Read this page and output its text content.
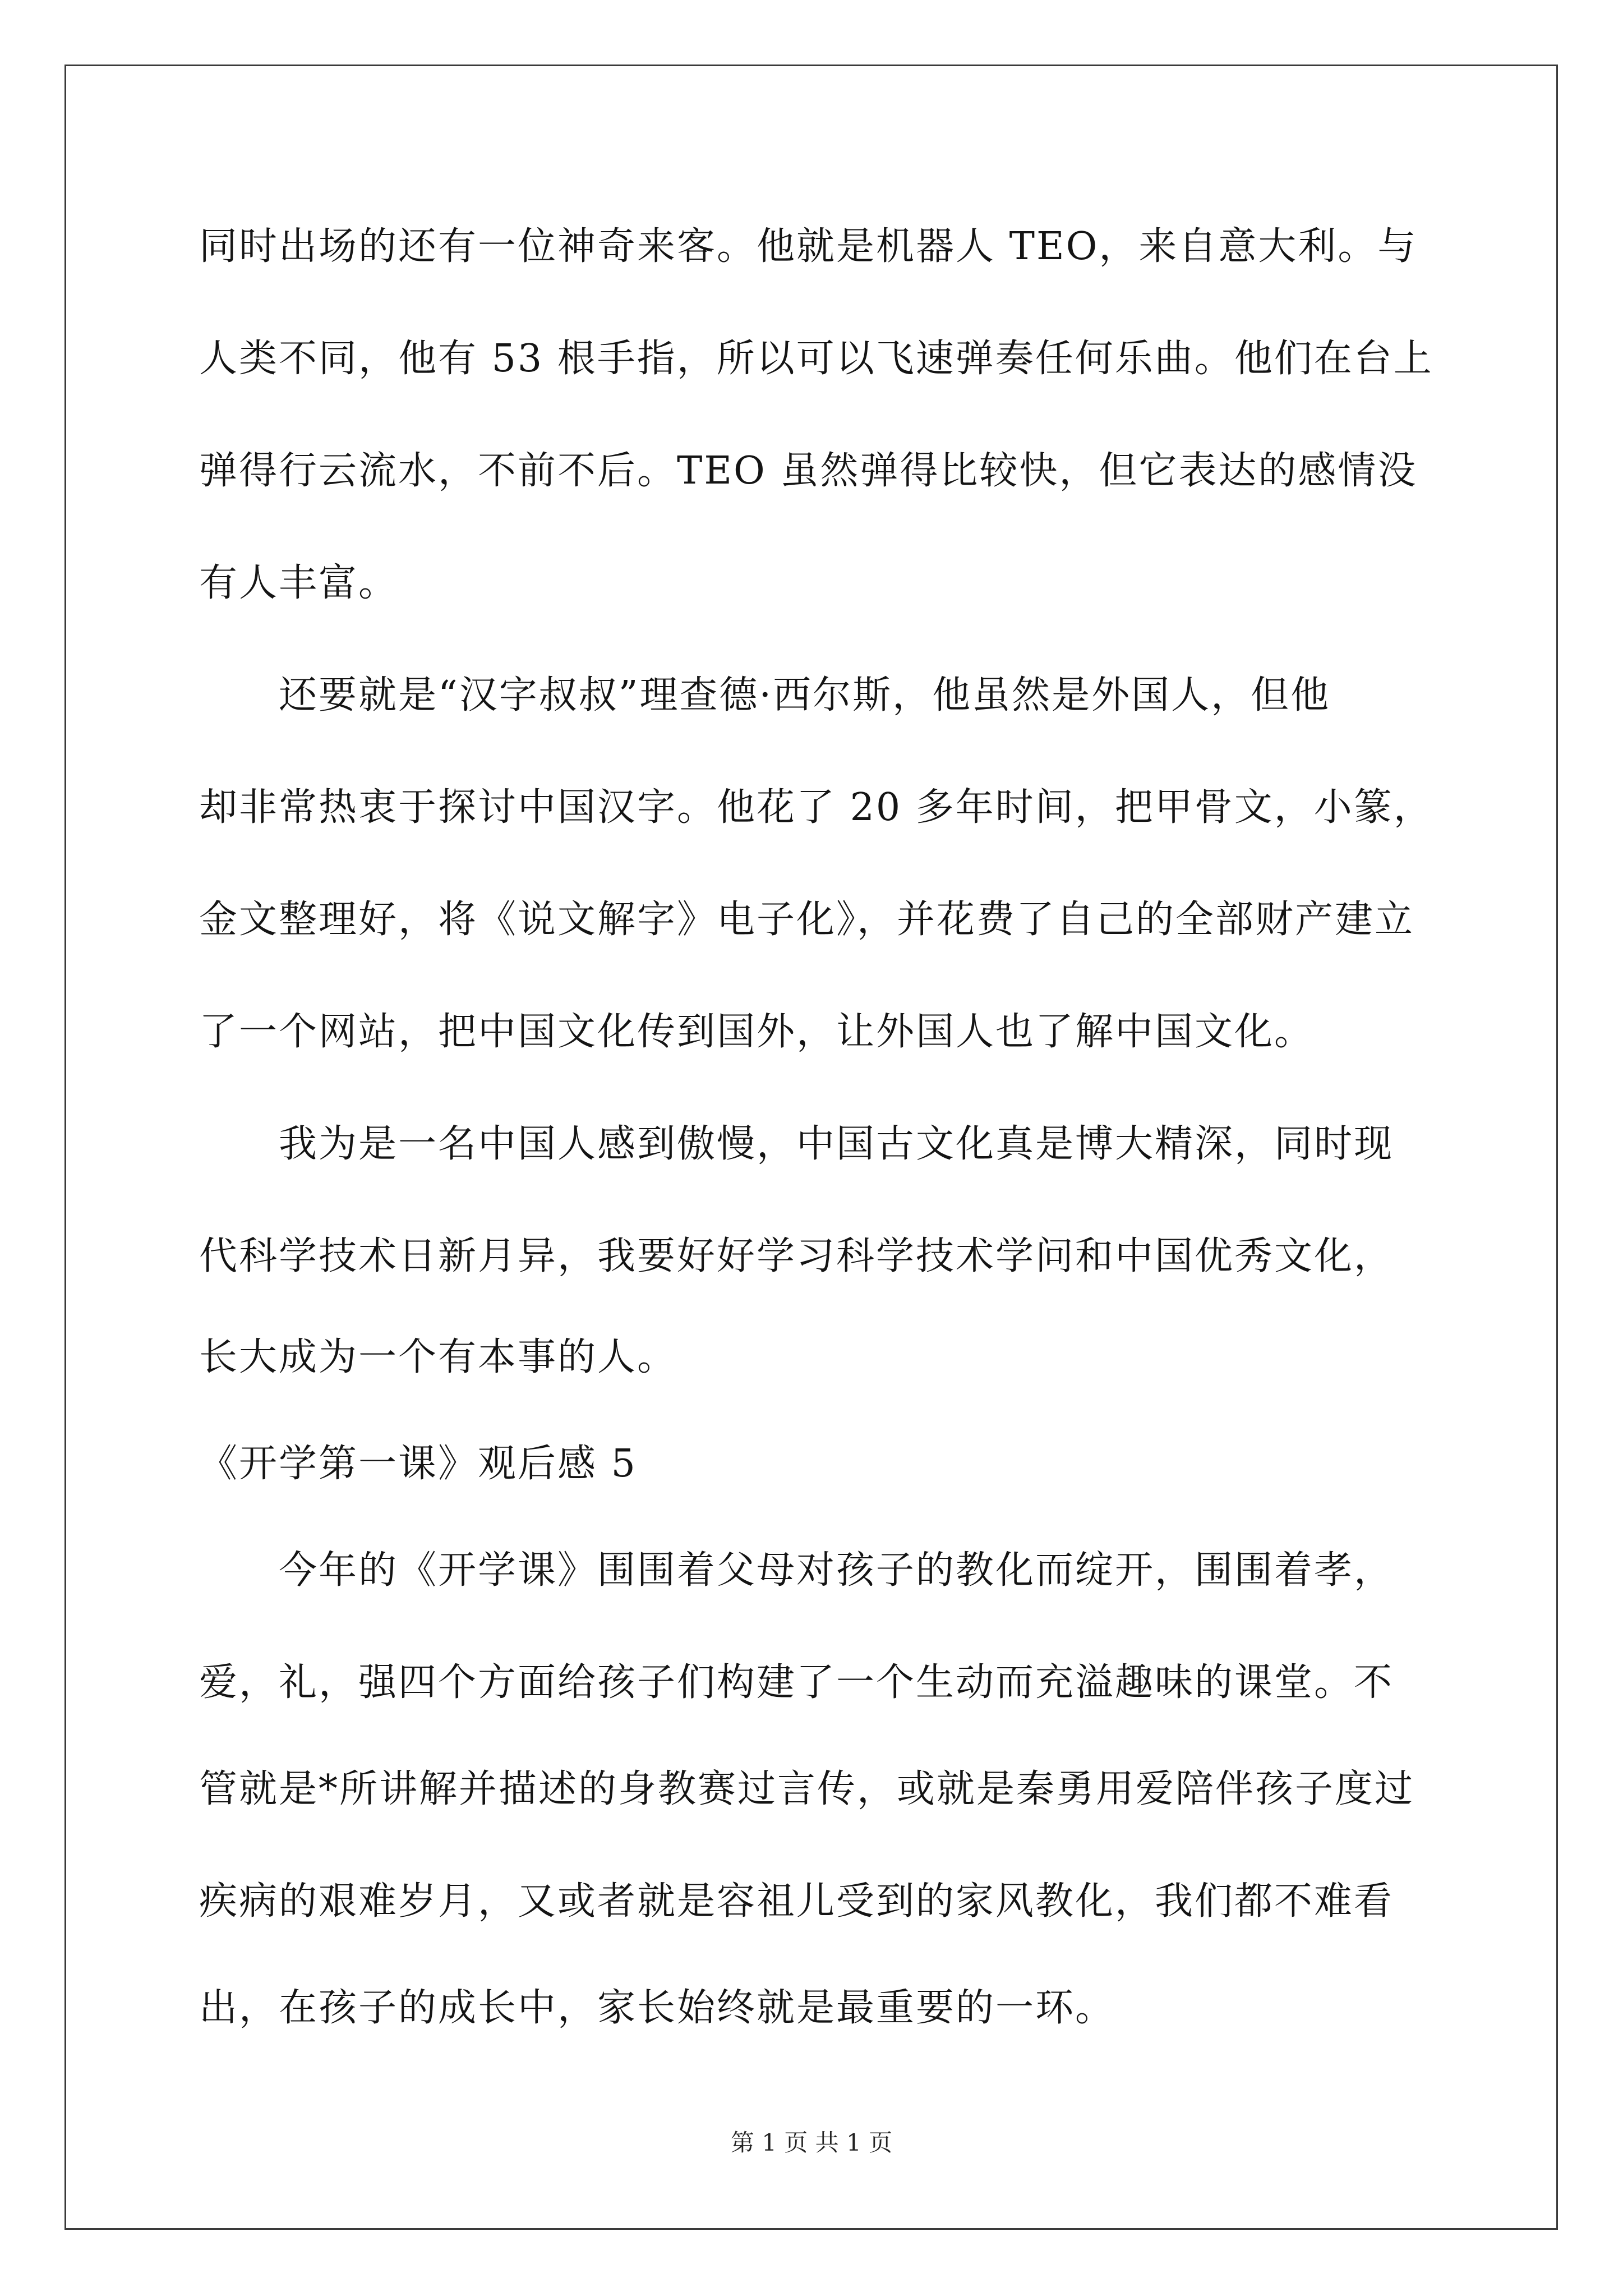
同时出场的还有一位神奇来客。他就是机器人 TEO，来自意大利。与

人类不同，他有 53 根手指，所以可以飞速弹奏任何乐曲。他们在台上

弹得行云流水，不前不后。TEO 虽然弹得比较快，但它表达的感情没

有人丰富。

还要就是“汉字叔叔”理查德·西尔斯，他虽然是外国人，但他

却非常热衷于探讨中国汉字。他花了 20 多年时间，把甲骨文，小篆，

金文整理好，将《说文解字》电子化》，并花费了自己的全部财产建立

了一个网站，把中国文化传到国外，让外国人也了解中国文化。

我为是一名中国人感到傲慢，中国古文化真是博大精深，同时现

代科学技术日新月异，我要好好学习科学技术学问和中国优秀文化，

长大成为一个有本事的人。

《开学第一课》观后感 5

今年的《开学课》围围着父母对孩子的教化而绽开，围围着孝，

爱，礼，强四个方面给孩子们构建了一个生动而充溢趣味的课堂。不

管就是*所讲解并描述的身教赛过言传，或就是秦勇用爱陪伴孩子度过

疾病的艰难岁月，又或者就是容祖儿受到的家风教化，我们都不难看

出，在孩子的成长中，家长始终就是最重要的一环。

第 1 页 共 1 页
